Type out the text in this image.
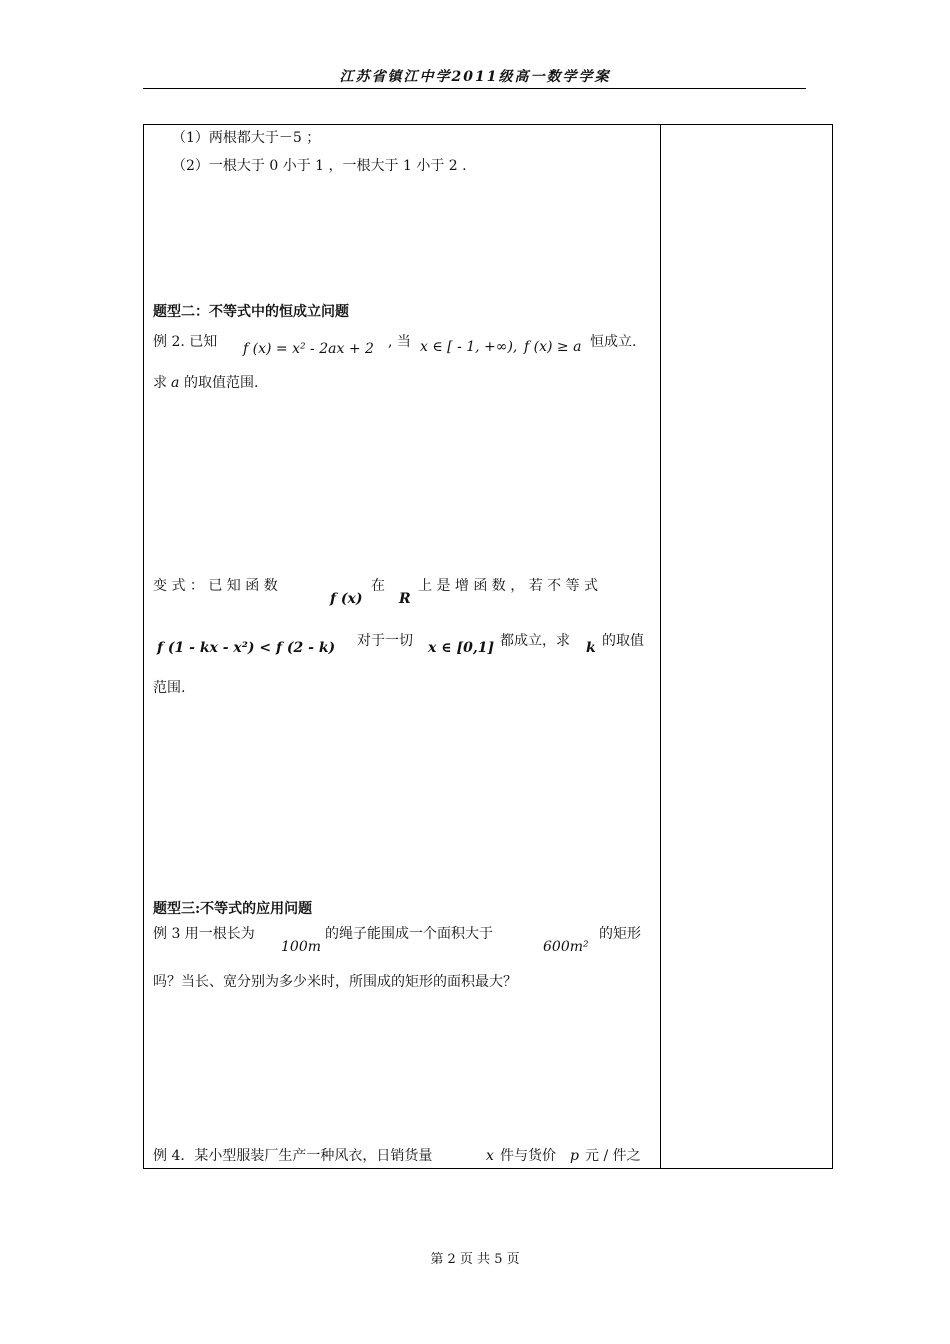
江苏省镇江中学2011级高一数学学案
（1）两根都大于－5 ；
（2）一根大于 0 小于 1 ，一根大于 1 小于 2 .
题型二：不等式中的恒成立问题
例 2. 已知 f (x) = x² - 2ax + 2 , 当 x ∈ [ - 1, +∞), f (x) ≥ a 恒成立.
求 a 的取值范围.
变 式 ： 已 知 函 数
f (x)
在
R
上 是 增 函 数 ， 若 不 等 式
f (1 - kx - x²) < f (2 - k) 对于一切 x ∈ [0,1] 都成立，求 k 的取值
范围.
题型三:不等式的应用问题
例 3 用一根长为
100m
的绳子能围成一个面积大于
600m²
的矩形
吗？当长、宽分别为多少米时，所围成的矩形的面积最大？
例 4．某小型服装厂生产一种风衣，日销货量	x 件与货价 p 元 / 件之
第 2 页 共 5 页
